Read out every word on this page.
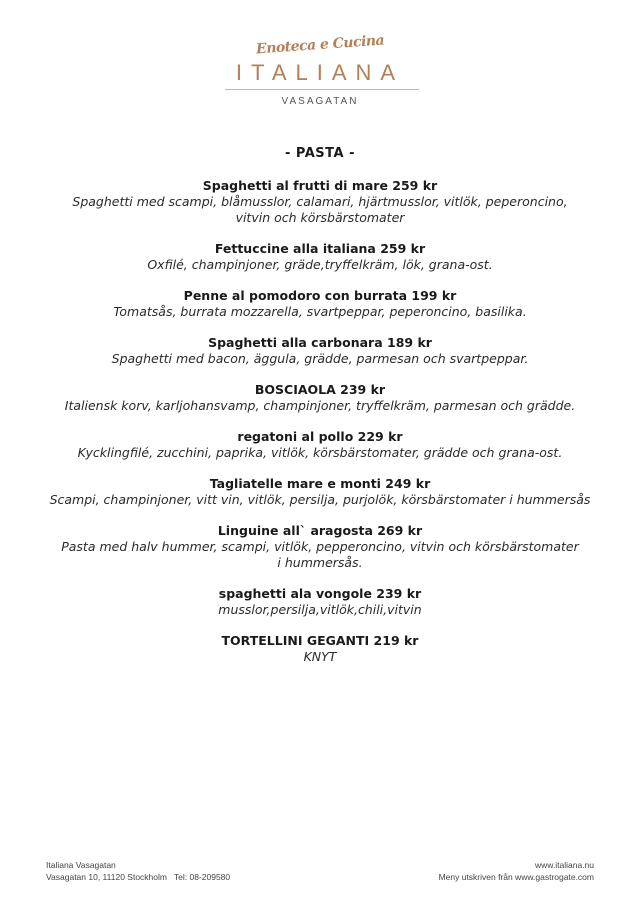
Enoteca e Cucina
ITALIANA
VASAGATAN
- PASTA -
Spaghetti al frutti di mare 259 kr
Spaghetti med scampi, blåmusslor, calamari, hjärtmusslor, vitlök, peperoncino, vitvin och körsbärstomater
Fettuccine alla italiana 259 kr
Oxfilé, champinjoner, gräde,tryffelkräm, lök, grana-ost.
Penne al pomodoro con burrata 199 kr
Tomatsås, burrata mozzarella, svartpeppar, peperoncino, basilika.
Spaghetti alla carbonara 189 kr
Spaghetti med bacon, äggula, grädde, parmesan och svartpeppar.
BOSCIAOLA 239 kr
Italiensk korv, karljohansvamp, champinjoner, tryffelkräm, parmesan och grädde.
regatoni al pollo 229 kr
Kycklingfilé, zucchini, paprika, vitlök, körsbärstomater, grädde och grana-ost.
Tagliatelle mare e monti 249 kr
Scampi, champinjoner, vitt vin, vitlök, persilja, purjolök, körsbärstomater i hummersås
Linguine all` aragosta 269 kr
Pasta med halv hummer, scampi, vitlök, pepperoncino, vitvin och körsbärstomater i hummersås.
spaghetti ala vongole 239 kr
musslor,persilja,vitlök,chili,vitvin
TORTELLINI GEGANTI 219 kr
KNYT
Italiana Vasagatan
Vasagatan 10, 11120 Stockholm   Tel: 08-209580
www.italiana.nu
Meny utskriven från www.gastrogate.com
